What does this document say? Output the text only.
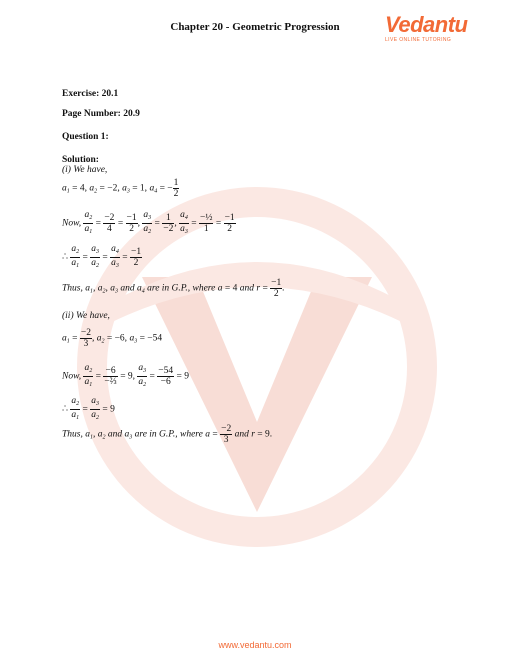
Chapter 20 - Geometric Progression	Vedantu
LIVE ONLINE TUTORING
Exercise: 20.1
Page Number: 20.9
Question 1:
Solution:
(i) We have,
$a_1 = 4$, $a_2 = -2$, $a_3 = 1$, $a_4$ = − $\frac{1}{2}$
Now, $\frac{a_2}{a_1} = \frac{-2}{4} = \frac{-1}{2}$ , $\frac{a_3}{a_2} = \frac{1}{-2}$ , $\frac{a_4}{a_3} = \frac{\text{−½}}{1} = \frac{-1}{2}$
∴ $\frac{a_2}{a_1} = \frac{a_3}{a_2} = \frac{a_4}{a_3} = \frac{-1}{2}$
Thus, $a_1$, $a_2$, $a_3$ and $a_4$ are in G.P., where a = 4 and $r = \frac{-1}{2}$ .
(ii) We have,
$a_1 = \frac{-2}{3}$ , $a_2 = -6$, $a_3 = -54$
Now, $\frac{a_2}{a_1} = \frac{-6}{\text{−⅔}} = 9$, $\frac{a_3}{a_2} = \frac{-54}{-6} = 9$
∴ $\frac{a_2}{a_1} = \frac{a_3}{a_2} = 9$
Thus, $a_1$, $a_2$ and $a_3$ are in G.P., where $a = \frac{-2}{3}$ and r = 9.
www.vedantu.com
